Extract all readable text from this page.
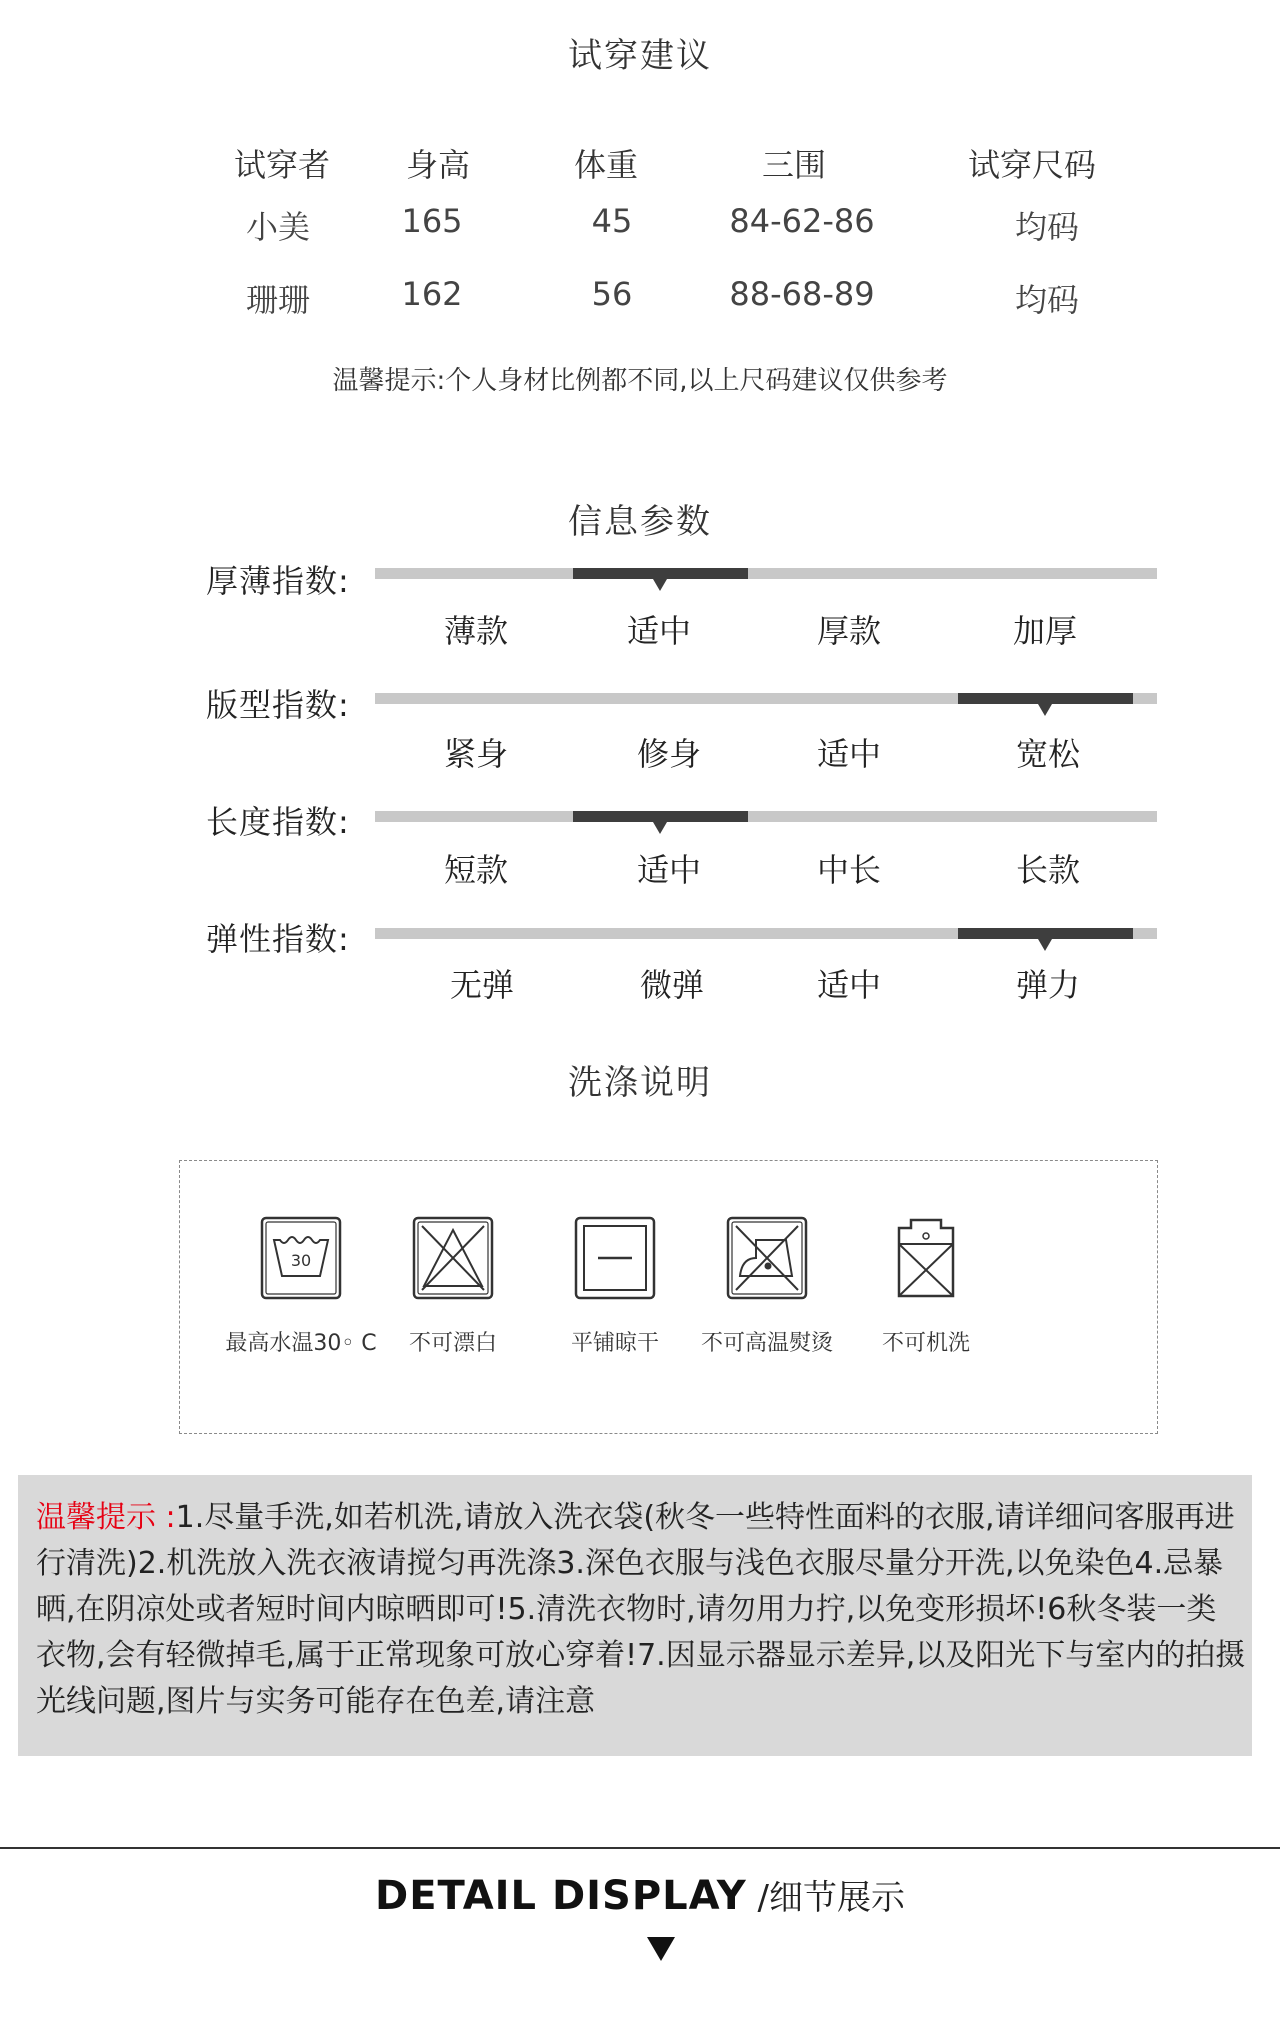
试穿建议
试穿者	身高	体重	三围	试穿尺码
小美	165	45	84-62-86	均码
珊珊	162	56	88-68-89	均码
温馨提示:个人身材比例都不同,以上尺码建议仅供参考
信息参数
厚薄指数:
薄款	适中	厚款	加厚
版型指数:
紧身	修身	适中	宽松
长度指数:
短款	适中	中长	长款
弹性指数:
无弹	微弹	适中	弹力
洗涤说明
30
最高水温30◦ C	不可漂白	平铺晾干	不可高温熨烫	不可机洗
温馨提示 :1.尽量手洗,如若机洗,请放入洗衣袋(秋冬一些特性面料的衣服,请详细问客服再进行清洗)2.机洗放入洗衣液请搅匀再洗涤3.深色衣服与浅色衣服尽量分开洗,以免染色4.忌暴晒,在阴凉处或者短时间内晾晒即可!5.清洗衣物时,请勿用力拧,以免变形损坏!6秋冬装一类衣物,会有轻微掉毛,属于正常现象可放心穿着!7.因显示器显示差异,以及阳光下与室内的拍摄光线问题,图片与实务可能存在色差,请注意
DETAIL DISPLAY /细节展示
